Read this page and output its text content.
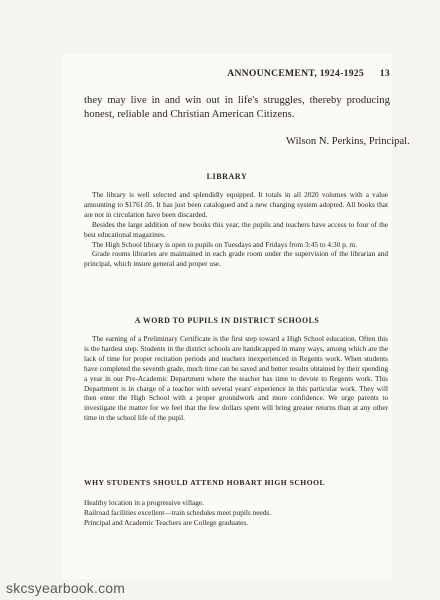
ANNOUNCEMENT, 1924-1925 13

they may live in and win out in life's struggles, thereby producing honest, reliable and Christian American Citizens.

Wilson N. Perkins, Principal.
LIBRARY

The library is well selected and splendidly equipped. It totals in all 2020 volumes with a value amounting to $1761.05. It has just been catalogued and a new charging system adopted. All books that are not in circulation have been discarded.

Besides the large addition of new books this year, the pupils and teachers have access to four of the best educational magazines.

The High School library is open to pupils on Tuesdays and Fridays from 3:45 to 4:30 p. m.

Grade rooms libraries are maintained in each grade room under the supervision of the librarian and principal, which insure general and proper use.

A WORD TO PUPILS IN DISTRICT SCHOOLS

The earning of a Preliminary Certificate is the first step toward a High School education. Often this is the hardest step. Students in the district schools are handicapped in many ways, among which are the lack of time for proper recitation periods and teachers inexperienced in Regents work. When students have completed the seventh grade, much time can be saved and better results obtained by their spending a year in our Pre-Academic Department where the teacher has time to devote to Regents work. This Department is in charge of a teacher with several years' experience in this particular work. They will then enter the High School with a proper groundwork and more confidence. We urge parents to investigate the matter for we feel that the few dollars spent will bring greater returns than at any other time in the school life of the pupil.

WHY STUDENTS SHOULD ATTEND HOBART HIGH SCHOOL
Healthy location in a progressive village.
Railroad facilities excellent—train schedules meet pupils needs.
Principal and Academic Teachers are College graduates.
skcsyearbook.com
